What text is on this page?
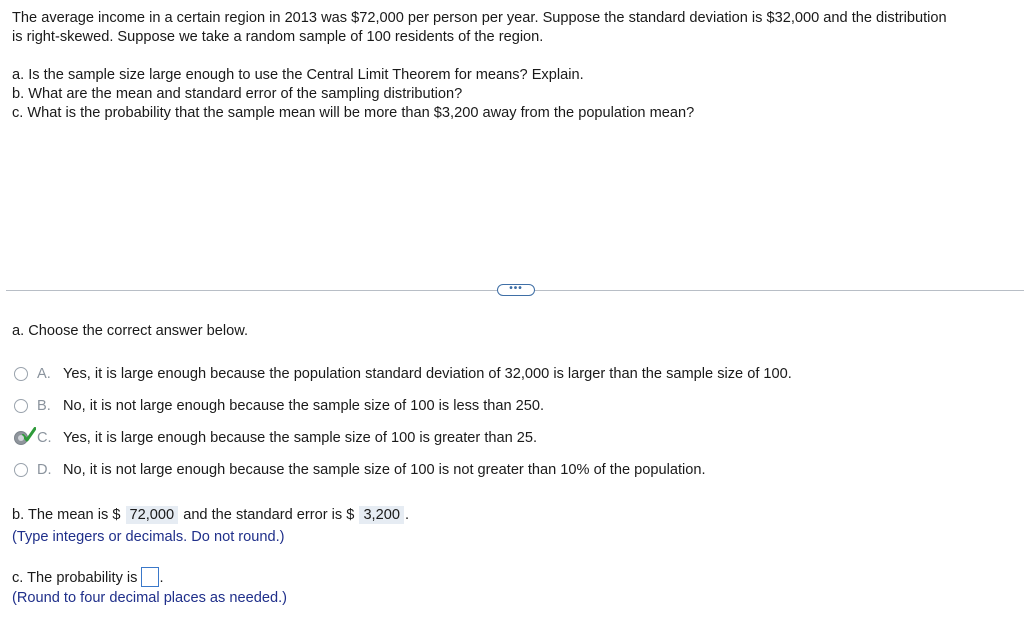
The average income in a certain region in 2013 was $72,000 per person per year. Suppose the standard deviation is $32,000 and the distribution
is right-skewed. Suppose we take a random sample of 100 residents of the region.
a. Is the sample size large enough to use the Central Limit Theorem for means? Explain.
b. What are the mean and standard error of the sampling distribution?
c. What is the probability that the sample mean will be more than $3,200 away from the population mean?
•••
a. Choose the correct answer below.
A. Yes, it is large enough because the population standard deviation of 32,000 is larger than the sample size of 100.
B. No, it is not large enough because the sample size of 100 is less than 250.
C. Yes, it is large enough because the sample size of 100 is greater than 25.
D. No, it is not large enough because the sample size of 100 is not greater than 10% of the population.
b. The mean is $ 72,000 and the standard error is $ 3,200 .
(Type integers or decimals. Do not round.)
c. The probability is .
(Round to four decimal places as needed.)
